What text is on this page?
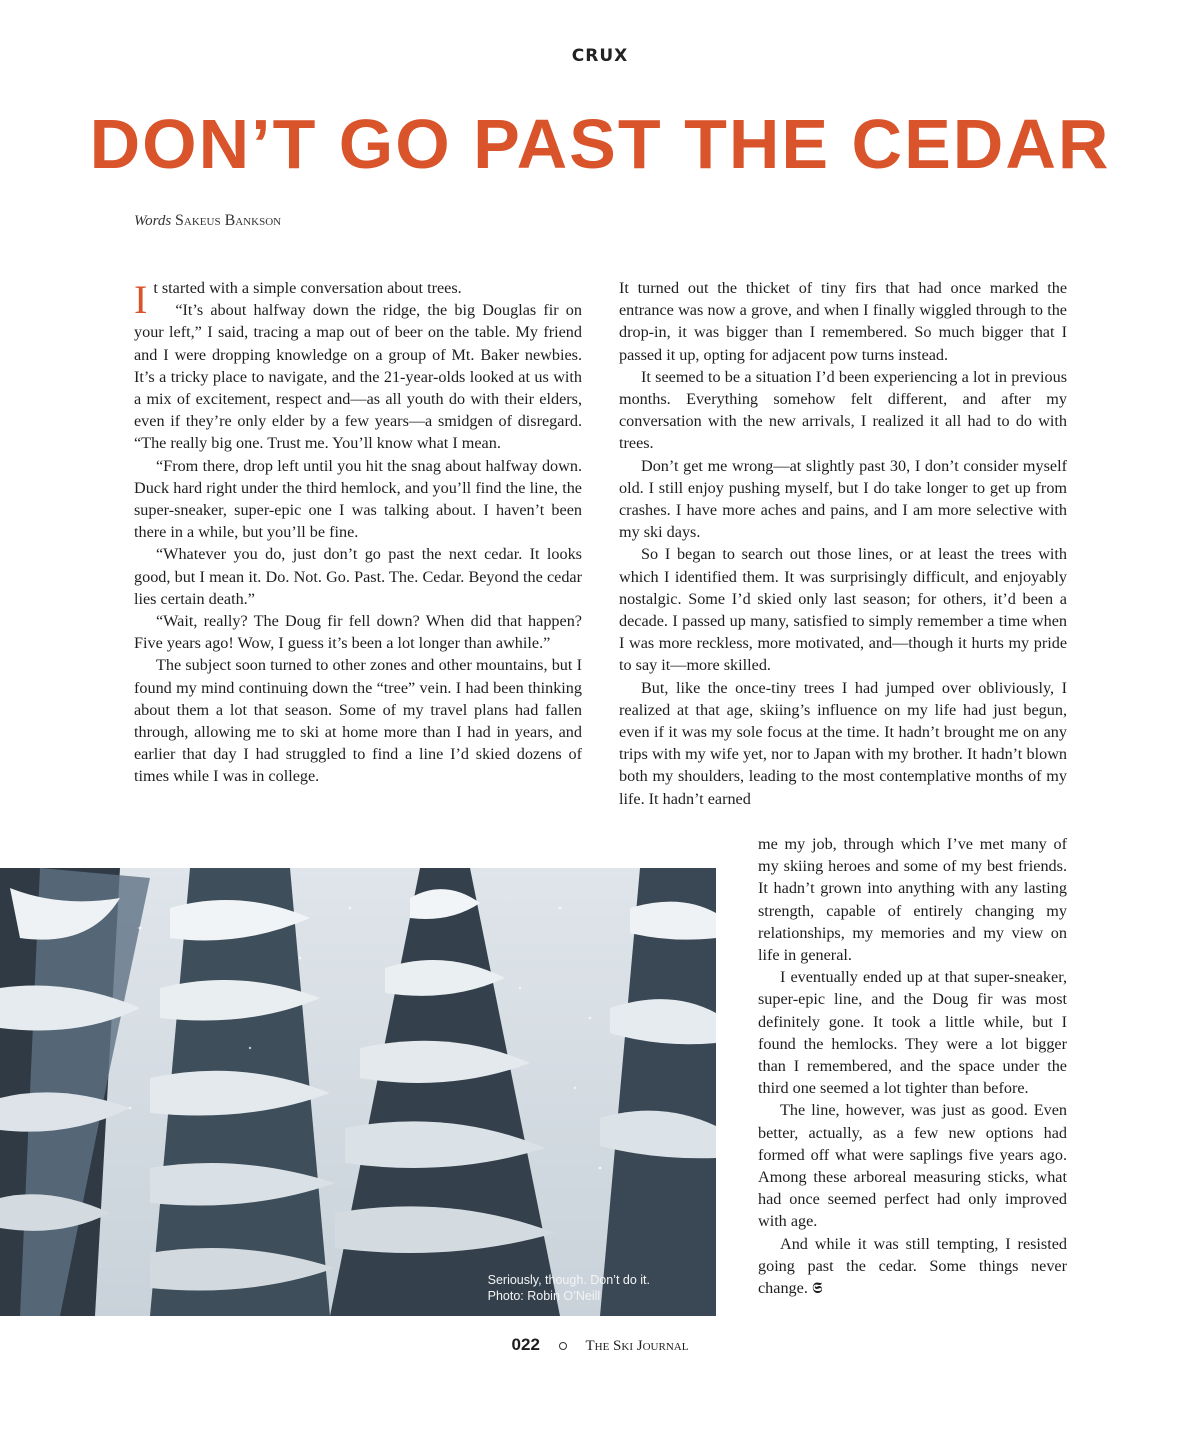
CRUX
DON’T GO PAST THE CEDAR
Words Sakeus Bankson

It started with a simple conversation about trees.

“It’s about halfway down the ridge, the big Douglas fir on your left,” I said, tracing a map out of beer on the table. My friend and I were dropping knowledge on a group of Mt. Baker newbies. It’s a tricky place to navigate, and the 21-year-olds looked at us with a mix of excitement, respect and—as all youth do with their elders, even if they’re only elder by a few years—a smidgen of disregard. “The really big one. Trust me. You’ll know what I mean.

“From there, drop left until you hit the snag about halfway down. Duck hard right under the third hemlock, and you’ll find the line, the super-sneaker, super-epic one I was talking about. I haven’t been there in a while, but you’ll be fine.

“Whatever you do, just don’t go past the next cedar. It looks good, but I mean it. Do. Not. Go. Past. The. Cedar. Beyond the cedar lies certain death.”

“Wait, really? The Doug fir fell down? When did that happen? Five years ago! Wow, I guess it’s been a lot longer than awhile.”

The subject soon turned to other zones and other mountains, but I found my mind continuing down the “tree” vein. I had been thinking about them a lot that season. Some of my travel plans had fallen through, allowing me to ski at home more than I had in years, and earlier that day I had struggled to find a line I’d skied dozens of times while I was in college.

It turned out the thicket of tiny firs that had once marked the entrance was now a grove, and when I finally wiggled through to the drop-in, it was bigger than I remembered. So much bigger that I passed it up, opting for adjacent pow turns instead.

It seemed to be a situation I’d been experiencing a lot in previous months. Everything somehow felt different, and after my conversation with the new arrivals, I realized it all had to do with trees.

Don’t get me wrong—at slightly past 30, I don’t consider myself old. I still enjoy pushing myself, but I do take longer to get up from crashes. I have more aches and pains, and I am more selective with my ski days.

So I began to search out those lines, or at least the trees with which I identified them. It was surprisingly difficult, and enjoyably nostalgic. Some I’d skied only last season; for others, it’d been a decade. I passed up many, satisfied to simply remember a time when I was more reckless, more motivated, and—though it hurts my pride to say it—more skilled.

But, like the once-tiny trees I had jumped over obliviously, I realized at that age, skiing’s influence on my life had just begun, even if it was my sole focus at the time. It hadn’t brought me on any trips with my wife yet, nor to Japan with my brother. It hadn’t blown both my shoulders, leading to the most contemplative months of my life. It hadn’t earned

me my job, through which I’ve met many of my skiing heroes and some of my best friends. It hadn’t grown into anything with any lasting strength, capable of entirely changing my relationships, my memories and my view on life in general.

I eventually ended up at that super-sneaker, super-epic line, and the Doug fir was most definitely gone. It took a little while, but I found the hemlocks. They were a lot bigger than I remembered, and the space under the third one seemed a lot tighter than before.

The line, however, was just as good. Even better, actually, as a few new options had formed off what were saplings five years ago. Among these arboreal measuring sticks, what had once seemed perfect had only improved with age.

And while it was still tempting, I resisted going past the cedar. Some things never change. 𝕾

Seriously, though. Don’t do it.
Photo: Robin O’Neill
022	The Ski Journal
